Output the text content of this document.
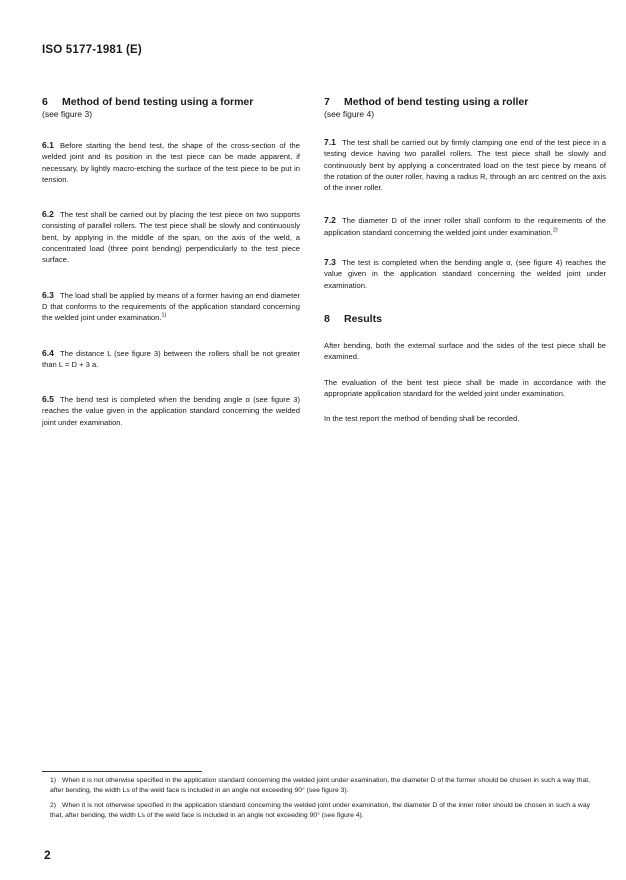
ISO 5177-1981 (E)

6 Method of bend testing using a former

(see figure 3)

6.1 Before starting the bend test, the shape of the cross-section of the welded joint and its position in the test piece can be made apparent, if necessary, by lightly macro-etching the surface of the test piece to be put in tension.

6.2 The test shall be carried out by placing the test piece on two supports consisting of parallel rollers. The test piece shall be slowly and continuously bent, by applying in the middle of the span, on the axis of the weld, a concentrated load (three point bending) perpendicularly to the test piece surface.

6.3 The load shall be applied by means of a former having an end diameter D that conforms to the requirements of the application standard concerning the welded joint under examination.$^{1)}$

6.4 The distance L (see figure 3) between the rollers shall be not greater than L = D + 3 a.

6.5 The bend test is completed when the bending angle α (see figure 3) reaches the value given in the application standard concerning the welded joint under examination.

7 Method of bend testing using a roller

(see figure 4)

7.1 The test shall be carried out by firmly clamping one end of the test piece in a testing device having two parallel rollers. The test piece shall be slowly and continuously bent by applying a concentrated load on the test piece by means of the rotation of the outer roller, having a radius R, through an arc centred on the axis of the inner roller.

7.2 The diameter D of the inner roller shall conform to the requirements of the application standard concerning the welded joint under examination.$^{2)}$

7.3 The test is completed when the bending angle α, (see figure 4) reaches the value given in the application standard concerning the welded joint under examination.

8 Results

After bending, both the external surface and the sides of the test piece shall be examined.

The evaluation of the bent test piece shall be made in accordance with the appropriate application standard for the welded joint under examination.

In the test report the method of bending shall be recorded.

1) When it is not otherwise specified in the application standard concerning the welded joint under examination, the diameter D of the former should be chosen in such a way that, after bending, the width Ls of the weld face is included in an angle not exceeding 90° (see figure 3).
2) When it is not otherwise specified in the application standard concerning the welded joint under examination, the diameter D of the inner roller should be chosen in such a way that, after bending, the width Ls of the weld face is included in an angle not exceeding 90° (see figure 4).
2
